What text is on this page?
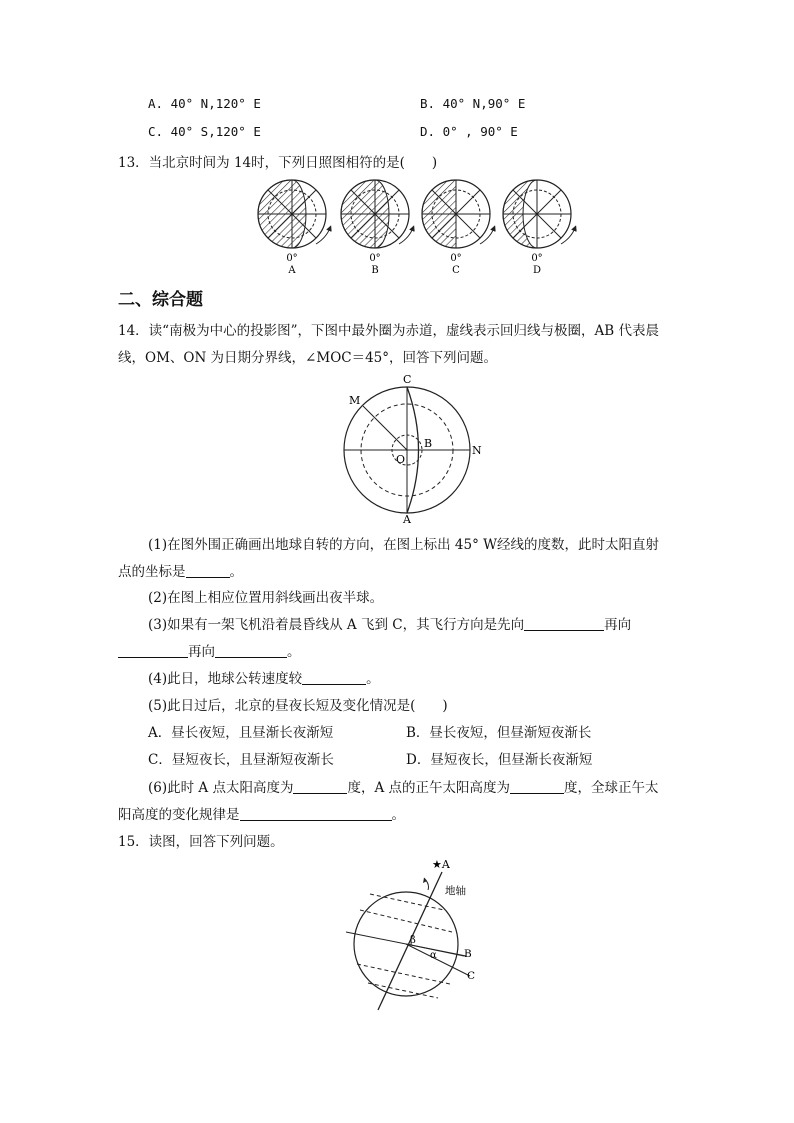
A. 40° N,120° E	B. 40° N,90° E
C. 40° S,120° E	D. 0° , 90° E
13．当北京时间为 14时，下列日照图相符的是(　　)
0°
A
0°
B
0°
C
0°
D
二、综合题
14．读“南极为中心的投影图”，下图中最外圈为赤道，虚线表示回归线与极圈，AB 代表晨
线，OM、ON 为日期分界线，∠MOC＝45°，回答下列问题。
C
M
B
O
N
A
(1)在图外围正确画出地球自转的方向，在图上标出 45° W经线的度数，此时太阳直射
点的坐标是	。
(2)在图上相应位置用斜线画出夜半球。
(3)如果有一架飞机沿着晨昏线从 A 飞到 C，其飞行方向是先向	再向
再向	。
(4)此日，地球公转速度较	。
(5)此日过后，北京的昼夜长短及变化情况是(　　)
A．昼长夜短，且昼渐长夜渐短	B．昼长夜短，但昼渐短夜渐长
C．昼短夜长，且昼渐短夜渐长	D．昼短夜长，但昼渐长夜渐短
(6)此时 A 点太阳高度为	度，A 点的正午太阳高度为	度，全球正午太
阳高度的变化规律是	。
15．读图，回答下列问题。
★A
地轴
β
α	B
C
